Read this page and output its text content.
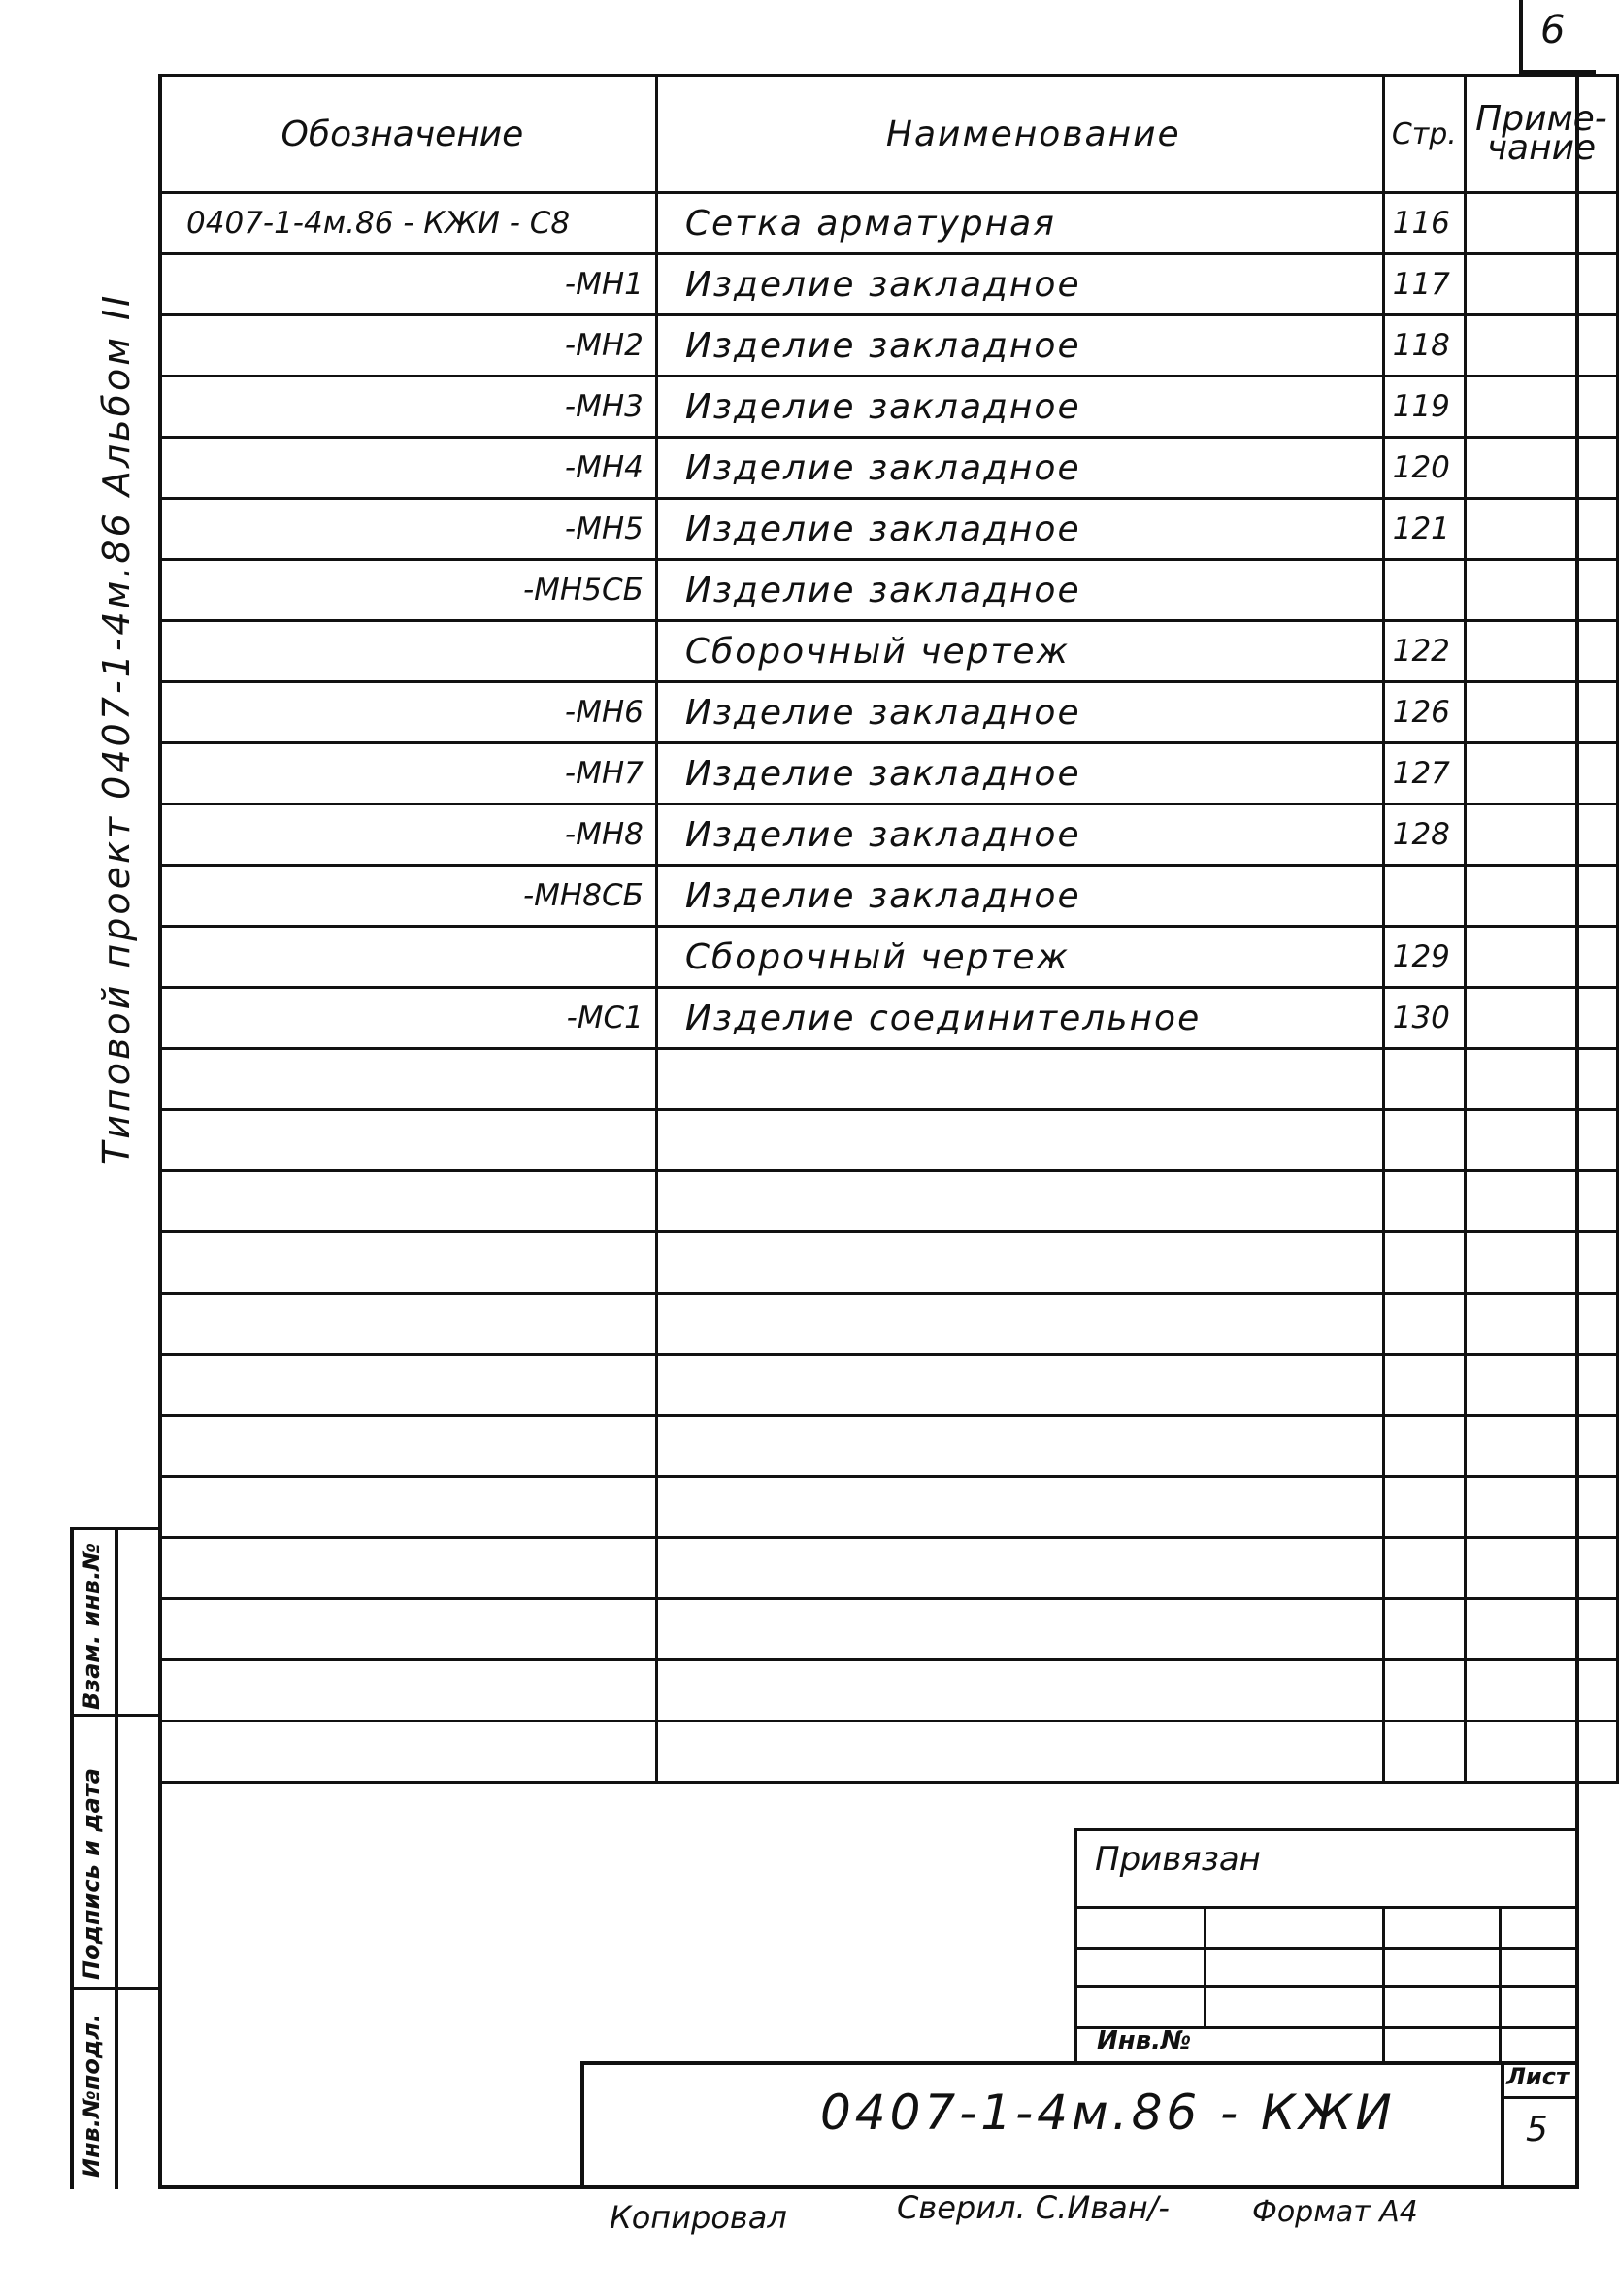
6
Типовой проект 0407-1-4м.86 Альбом II
Обозначение	Наименование	Стр.	Приме-
чание
0407-1-4м.86 - КЖИ - С8	Сетка арматурная	116	
-МН1	Изделие закладное	117	
-МН2	Изделие закладное	118	
-МН3	Изделие закладное	119	
-МН4	Изделие закладное	120	
-МН5	Изделие закладное	121	
-МН5СБ	Изделие закладное		
	Сборочный чертеж	122	
-МН6	Изделие закладное	126	
-МН7	Изделие закладное	127	
-МН8	Изделие закладное	128	
-МН8СБ	Изделие закладное		
	Сборочный чертеж	129	
-МС1	Изделие соединительное	130	

Взам. инв.№
Подпись и дата
Инв.№подл.
Привязан
Инв.№
0407-1-4м.86 - КЖИ
Лист
5
Копировал	Сверил. С.Иван/-	Формат А4
